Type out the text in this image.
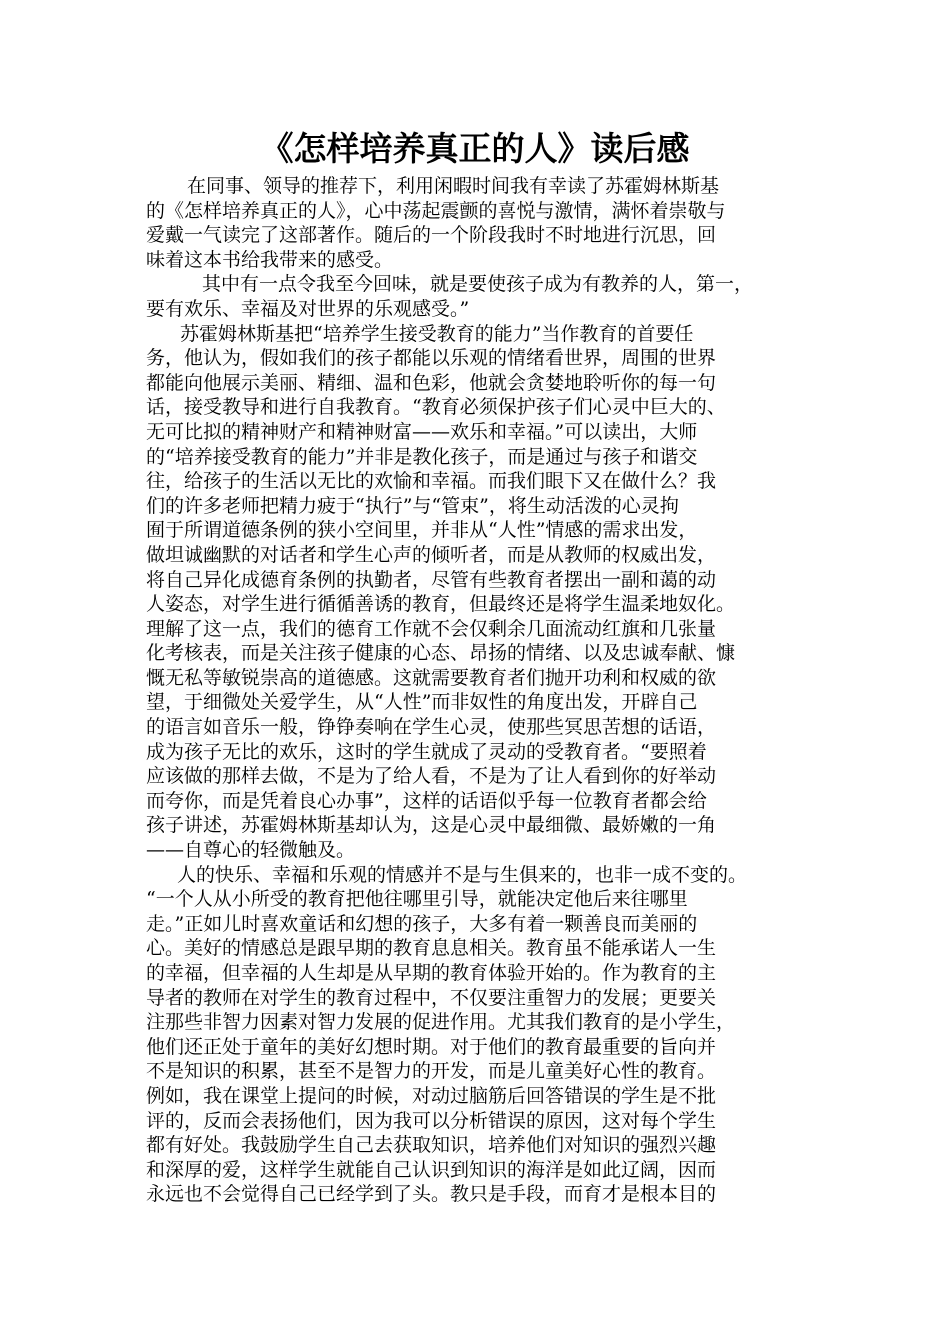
《怎样培养真正的人》读后感
在同事、领导的推荐下，利用闲暇时间我有幸读了苏霍姆林斯基
的《怎样培养真正的人》，心中荡起震颤的喜悦与激情，满怀着崇敬与
爱戴一气读完了这部著作。随后的一个阶段我时不时地进行沉思，回
味着这本书给我带来的感受。
其中有一点令我至今回味，就是要使孩子成为有教养的人，第一，
要有欢乐、幸福及对世界的乐观感受。”
苏霍姆林斯基把“培养学生接受教育的能力”当作教育的首要任
务，他认为，假如我们的孩子都能以乐观的情绪看世界，周围的世界
都能向他展示美丽、精细、温和色彩，他就会贪婪地聆听你的每一句
话，接受教导和进行自我教育。“教育必须保护孩子们心灵中巨大的、
无可比拟的精神财产和精神财富——欢乐和幸福。”可以读出，大师
的“培养接受教育的能力”并非是教化孩子，而是通过与孩子和谐交
往，给孩子的生活以无比的欢愉和幸福。而我们眼下又在做什么？我
们的许多老师把精力疲于“执行”与“管束”，将生动活泼的心灵拘
囿于所谓道德条例的狭小空间里，并非从“人性”情感的需求出发，
做坦诚幽默的对话者和学生心声的倾听者，而是从教师的权威出发，
将自己异化成德育条例的执勤者，尽管有些教育者摆出一副和蔼的动
人姿态，对学生进行循循善诱的教育，但最终还是将学生温柔地奴化。
理解了这一点，我们的德育工作就不会仅剩余几面流动红旗和几张量
化考核表，而是关注孩子健康的心态、昂扬的情绪、以及忠诚奉献、慷
慨无私等敏锐崇高的道德感。这就需要教育者们抛开功利和权威的欲
望，于细微处关爱学生，从“人性”而非奴性的角度出发，开辟自己
的语言如音乐一般，铮铮奏响在学生心灵，使那些冥思苦想的话语，
成为孩子无比的欢乐，这时的学生就成了灵动的受教育者。“要照着
应该做的那样去做，不是为了给人看，不是为了让人看到你的好举动
而夸你，而是凭着良心办事”，这样的话语似乎每一位教育者都会给
孩子讲述，苏霍姆林斯基却认为，这是心灵中最细微、最娇嫩的一角
——自尊心的轻微触及。
人的快乐、幸福和乐观的情感并不是与生俱来的，也非一成不变的。
“一个人从小所受的教育把他往哪里引导，就能决定他后来往哪里
走。”正如儿时喜欢童话和幻想的孩子，大多有着一颗善良而美丽的
心。美好的情感总是跟早期的教育息息相关。教育虽不能承诺人一生
的幸福，但幸福的人生却是从早期的教育体验开始的。作为教育的主
导者的教师在对学生的教育过程中，不仅要注重智力的发展；更要关
注那些非智力因素对智力发展的促进作用。尤其我们教育的是小学生，
他们还正处于童年的美好幻想时期。对于他们的教育最重要的旨向并
不是知识的积累，甚至不是智力的开发，而是儿童美好心性的教育。
例如，我在课堂上提问的时候，对动过脑筋后回答错误的学生是不批
评的，反而会表扬他们，因为我可以分析错误的原因，这对每个学生
都有好处。我鼓励学生自己去获取知识，培养他们对知识的强烈兴趣
和深厚的爱，这样学生就能自己认识到知识的海洋是如此辽阔，因而
永远也不会觉得自己已经学到了头。教只是手段，而育才是根本目的
